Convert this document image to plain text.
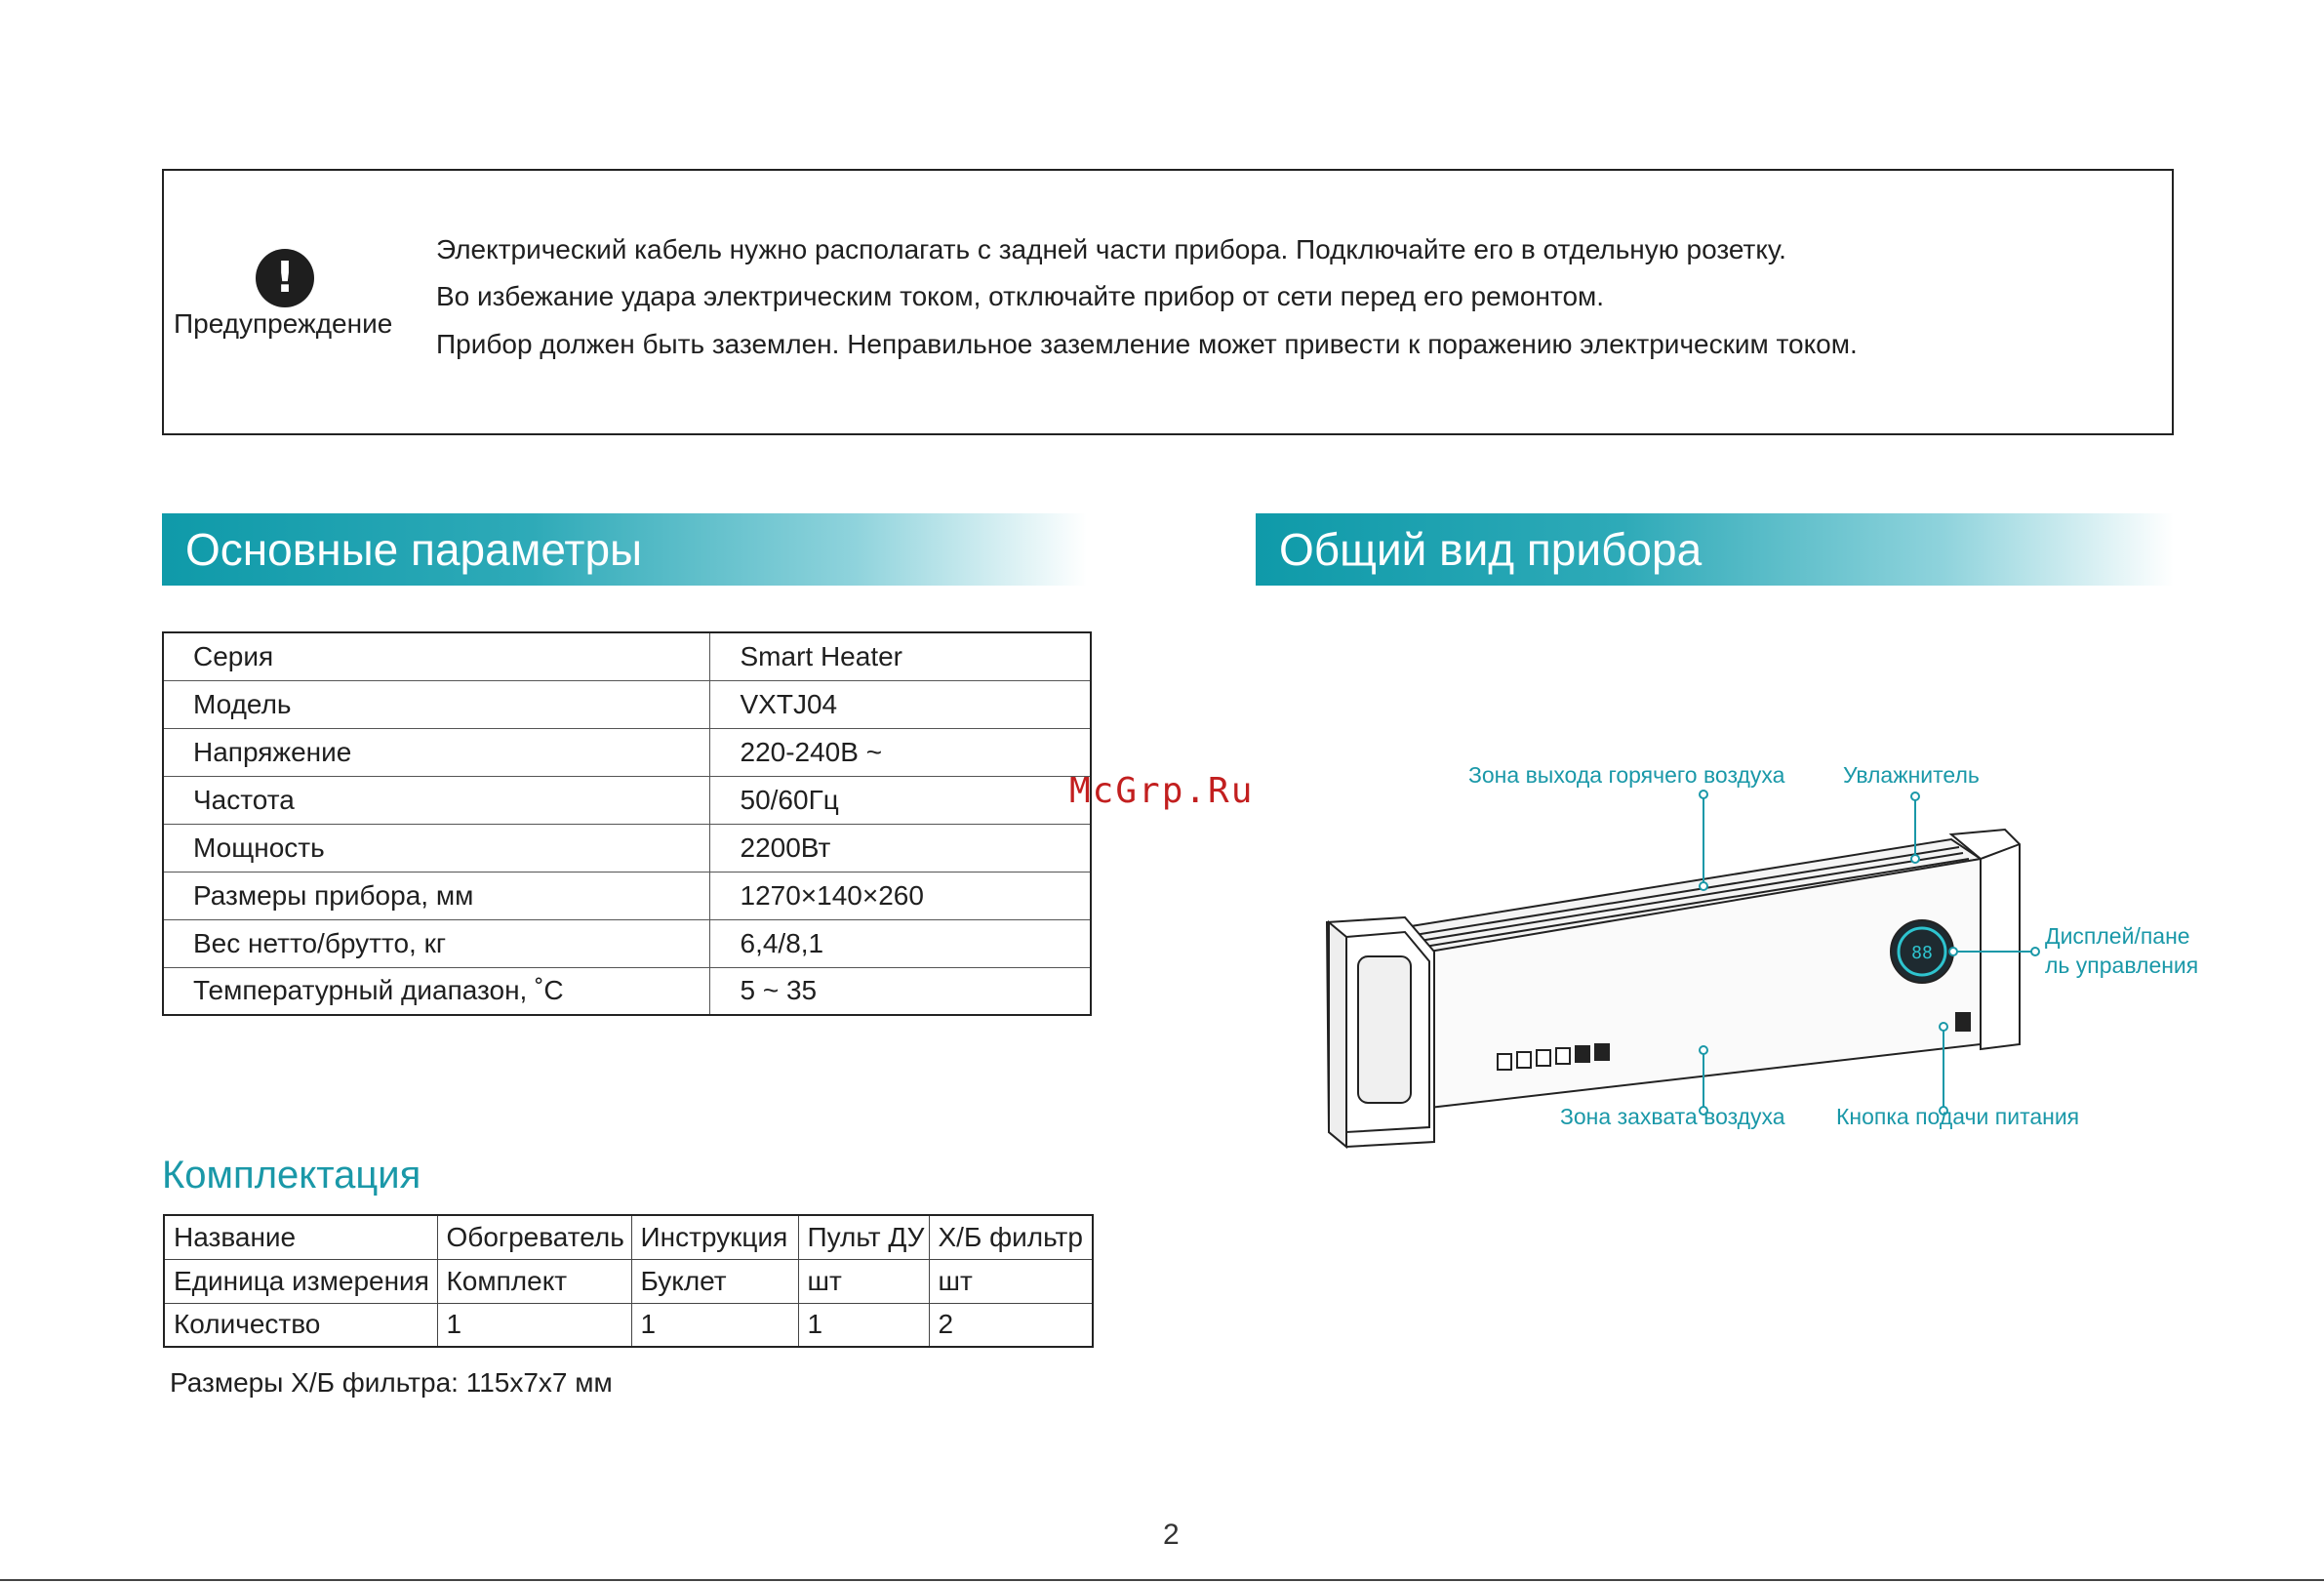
!
Предупреждение
Электрический кабель нужно располагать с задней части прибора. Подключайте его в отдельную розетку.
Во избежание удара электрическим током, отключайте прибор от сети перед его ремонтом.
Прибор должен быть заземлен. Неправильное заземление может привести к поражению электрическим током.
Основные параметры	Общий вид прибора
Серия	Smart Heater
Модель	VXTJ04
Напряжение	220-240В ~
Частота	50/60Гц
Мощность	2200Вт
Размеры прибора, мм	1270×140×260
Вес нетто/брутто, кг	6,4/8,1
Температурный диапазон, ˚C	5 ~ 35
McGrp.Ru
Комплектация
Название	Обогреватель	Инструкция	Пульт ДУ	Х/Б фильтр
Единица измерения	Комплект	Буклет	шт	шт
Количество	1	1	1	2
Размеры Х/Б фильтра: 115х7х7 мм
88
Зона выхода горячего воздуха	Увлажнитель
Дисплей/пане
ль управления
Зона захвата воздуха Кнопка подачи питания
2
